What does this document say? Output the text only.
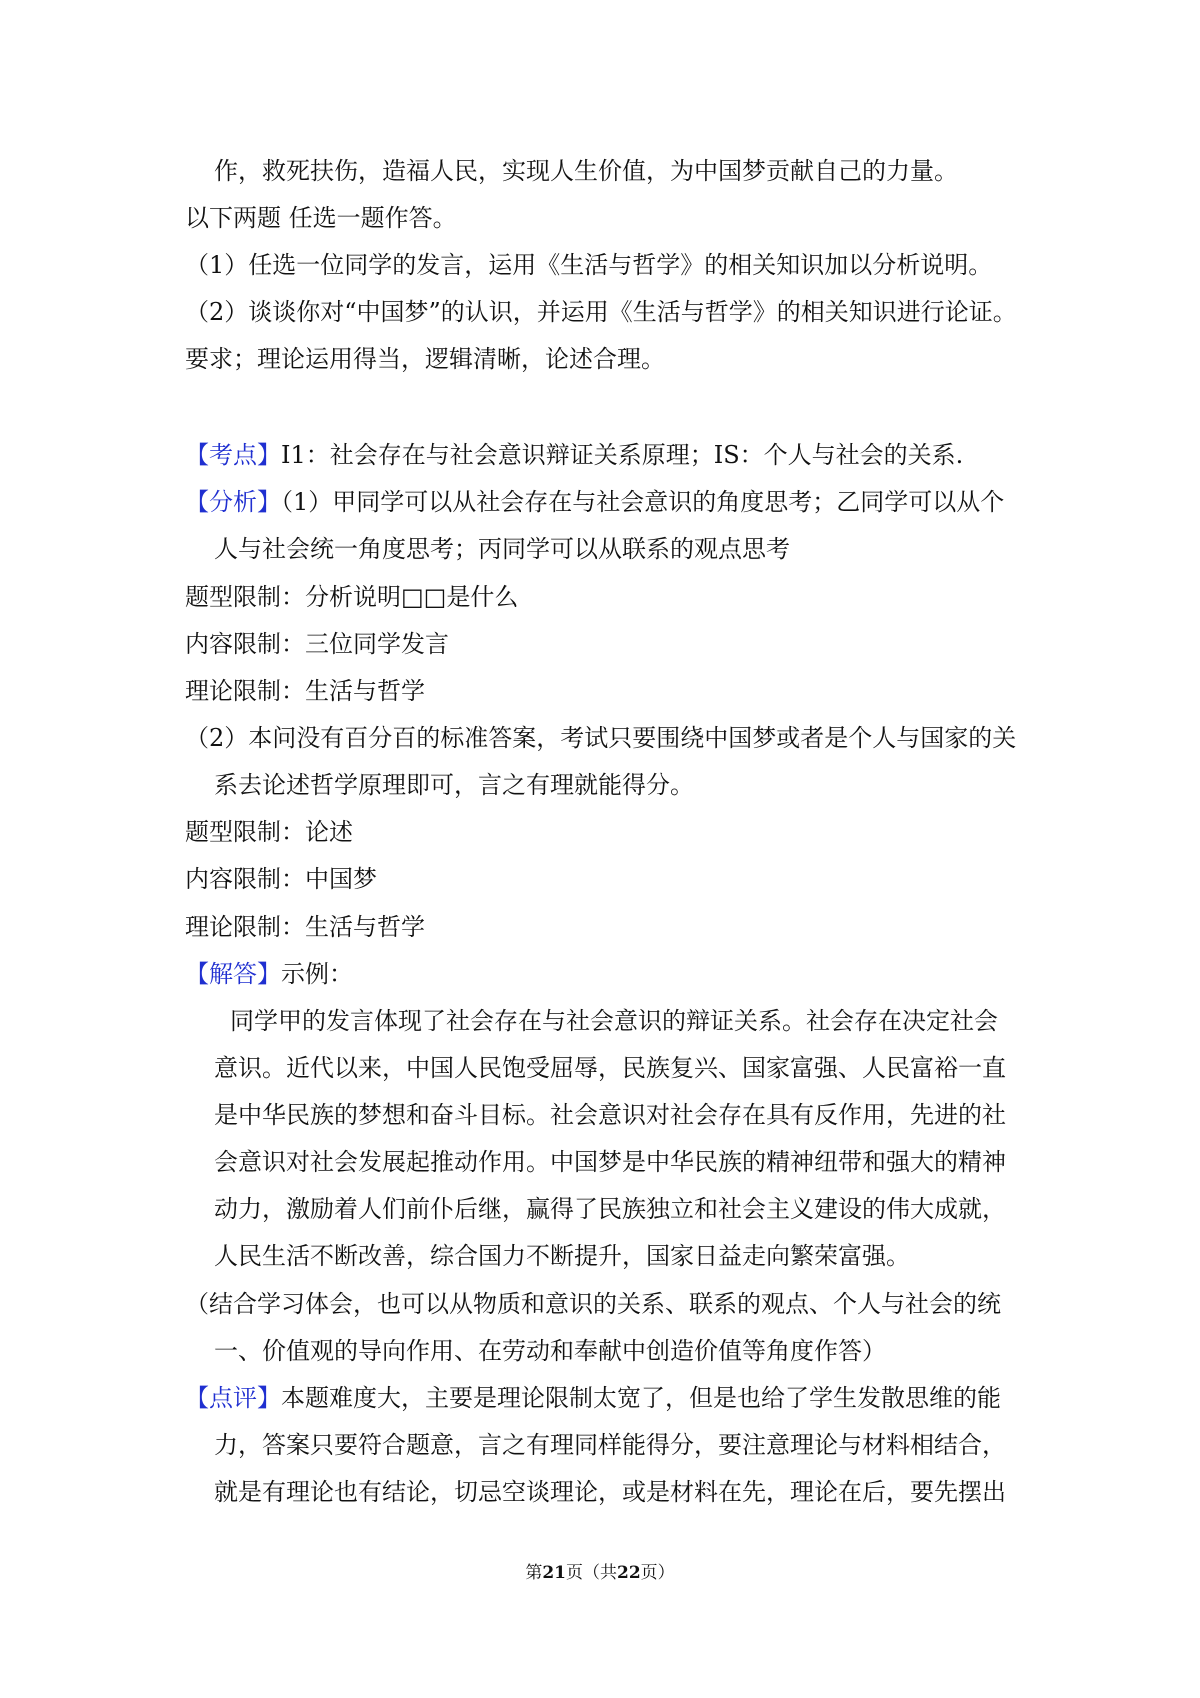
作，救死扶伤，造福人民，实现人生价值，为中国梦贡献自己的力量。
以下两题 任选一题作答。
（1）任选一位同学的发言，运用《生活与哲学》的相关知识加以分析说明。
（2）谈谈你对“中国梦”的认识，并运用《生活与哲学》的相关知识进行论证。
要求；理论运用得当，逻辑清晰，论述合理。
【考点】I1：社会存在与社会意识辩证关系原理；IS：个人与社会的关系.
【分析】（1）甲同学可以从社会存在与社会意识的角度思考；乙同学可以从个
人与社会统一角度思考；丙同学可以从联系的观点思考
题型限制：分析说明□□是什么
内容限制：三位同学发言
理论限制：生活与哲学
（2）本问没有百分百的标准答案，考试只要围绕中国梦或者是个人与国家的关
系去论述哲学原理即可，言之有理就能得分。
题型限制：论述
内容限制：中国梦
理论限制：生活与哲学
【解答】示例：
同学甲的发言体现了社会存在与社会意识的辩证关系。社会存在决定社会
意识。近代以来，中国人民饱受屈辱，民族复兴、国家富强、人民富裕一直
是中华民族的梦想和奋斗目标。社会意识对社会存在具有反作用，先进的社
会意识对社会发展起推动作用。中国梦是中华民族的精神纽带和强大的精神
动力，激励着人们前仆后继，赢得了民族独立和社会主义建设的伟大成就，
人民生活不断改善，综合国力不断提升，国家日益走向繁荣富强。
（结合学习体会，也可以从物质和意识的关系、联系的观点、个人与社会的统
一、价值观的导向作用、在劳动和奉献中创造价值等角度作答）
【点评】本题难度大，主要是理论限制太宽了，但是也给了学生发散思维的能
力，答案只要符合题意，言之有理同样能得分，要注意理论与材料相结合，
就是有理论也有结论，切忌空谈理论，或是材料在先，理论在后，要先摆出
第21页（共22页）
